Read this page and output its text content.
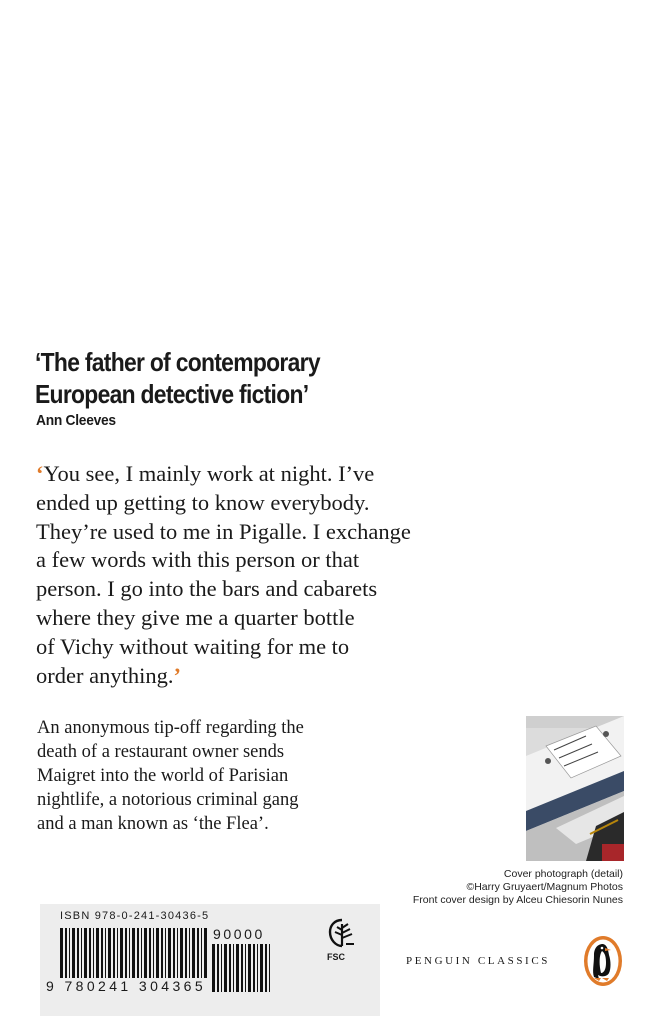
‘The father of contemporary
European detective fiction’
Ann Cleeves
‘You see, I mainly work at night. I’ve
ended up getting to know everybody.
They’re used to me in Pigalle. I exchange
a few words with this person or that
person. I go into the bars and cabarets
where they give me a quarter bottle
of Vichy without waiting for me to
order anything.’
An anonymous tip-off regarding the
death of a restaurant owner sends
Maigret into the world of Parisian
nightlife, a notorious criminal gang
and a man known as ‘the Flea’.
Cover photograph (detail)
©Harry Gruyaert/Magnum Photos
Front cover design by Alceu Chiesorin Nunes
ISBN 978-0-241-30436-5
9 780241 304365
90000
FSC	PENGUIN CLASSICS
